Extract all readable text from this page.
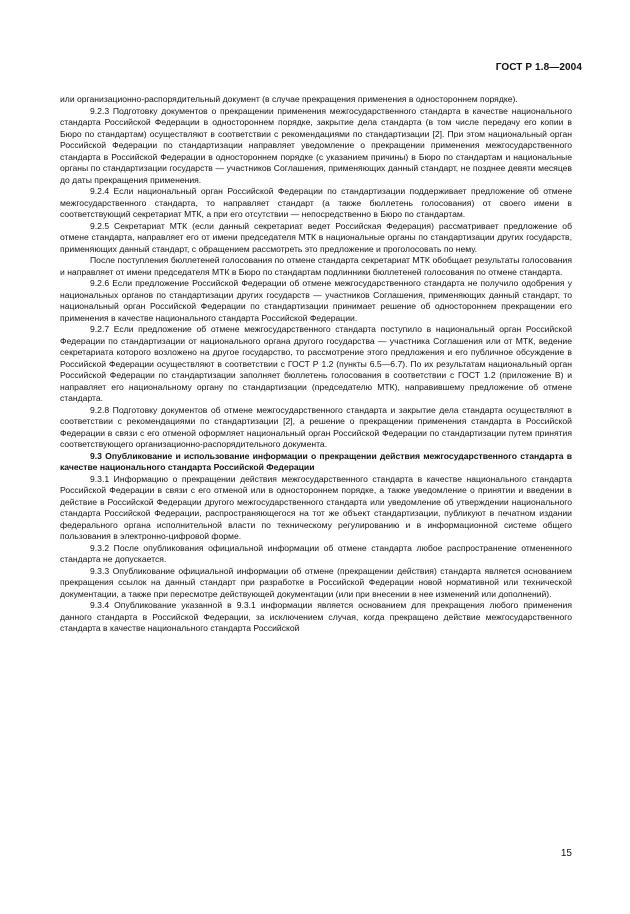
ГОСТ Р 1.8—2004

или организационно-распорядительный документ (в случае прекращения применения в одностороннем порядке).

9.2.3 Подготовку документов о прекращении применения межгосударственного стандарта в качестве национального стандарта Российской Федерации в одностороннем порядке, закрытие дела стандарта (в том числе передачу его копии в Бюро по стандартам) осуществляют в соответствии с рекомендациями по стандартизации [2]. При этом национальный орган Российской Федерации по стандартизации направляет уведомление о прекращении применения межгосударственного стандарта в Российской Федерации в одностороннем порядке (с указанием причины) в Бюро по стандартам и национальные органы по стандартизации государств — участников Соглашения, применяющих данный стандарт, не позднее девяти месяцев до даты прекращения применения.

9.2.4 Если национальный орган Российской Федерации по стандартизации поддерживает предложение об отмене межгосударственного стандарта, то направляет стандарт (а также бюллетень голосования) от своего имени в соответствующий секретариат МТК, а при его отсутствии — непосредственно в Бюро по стандартам.

9.2.5 Секретариат МТК (если данный секретариат ведет Российская Федерация) рассматривает предложение об отмене стандарта, направляет его от имени председателя МТК в национальные органы по стандартизации других государств, применяющих данный стандарт, с обращением рассмотреть это предложение и проголосовать по нему.

После поступления бюллетеней голосования по отмене стандарта секретариат МТК обобщает результаты голосования и направляет от имени председателя МТК в Бюро по стандартам подлинники бюллетеней голосования по отмене стандарта.

9.2.6 Если предложение Российской Федерации об отмене межгосударственного стандарта не получило одобрения у национальных органов по стандартизации других государств — участников Соглашения, применяющих данный стандарт, то национальный орган Российской Федерации по стандартизации принимает решение об одностороннем прекращении его применения в качестве национального стандарта Российской Федерации.

9.2.7 Если предложение об отмене межгосударственного стандарта поступило в национальный орган Российской Федерации по стандартизации от национального органа другого государства — участника Соглашения или от МТК, ведение секретариата которого возложено на другое государство, то рассмотрение этого предложения и его публичное обсуждение в Российской Федерации осуществляют в соответствии с ГОСТ Р 1.2 (пункты 6.5—6.7). По их результатам национальный орган Российской Федерации по стандартизации заполняет бюллетень голосования в соответствии с ГОСТ 1.2 (приложение В) и направляет его национальному органу по стандартизации (председателю МТК), направившему предложение об отмене стандарта.

9.2.8 Подготовку документов об отмене межгосударственного стандарта и закрытие дела стандарта осуществляют в соответствии с рекомендациями по стандартизации [2], а решение о прекращении применения стандарта в Российской Федерации в связи с его отменой оформляет национальный орган Российской Федерации по стандартизации путем принятия соответствующего организационно-распорядительного документа.

9.3 Опубликование и использование информации о прекращении действия межгосударственного стандарта в качестве национального стандарта Российской Федерации

9.3.1 Информацию о прекращении действия межгосударственного стандарта в качестве национального стандарта Российской Федерации в связи с его отменой или в одностороннем порядке, а также уведомление о принятии и введении в действие в Российской Федерации другого межгосударственного стандарта или уведомление об утверждении национального стандарта Российской Федерации, распространяющегося на тот же объект стандартизации, публикуют в печатном издании федерального органа исполнительной власти по техническому регулированию и в информационной системе общего пользования в электронно-цифровой форме.

9.3.2 После опубликования официальной информации об отмене стандарта любое распространение отмененного стандарта не допускается.

9.3.3 Опубликование официальной информации об отмене (прекращении действия) стандарта является основанием прекращения ссылок на данный стандарт при разработке в Российской Федерации новой нормативной или технической документации, а также при пересмотре действующей документации (или при внесении в нее изменений или дополнений).

9.3.4 Опубликование указанной в 9.3.1 информации является основанием для прекращения любого применения данного стандарта в Российской Федерации, за исключением случая, когда прекращено действие межгосударственного стандарта в качестве национального стандарта Российской

15
